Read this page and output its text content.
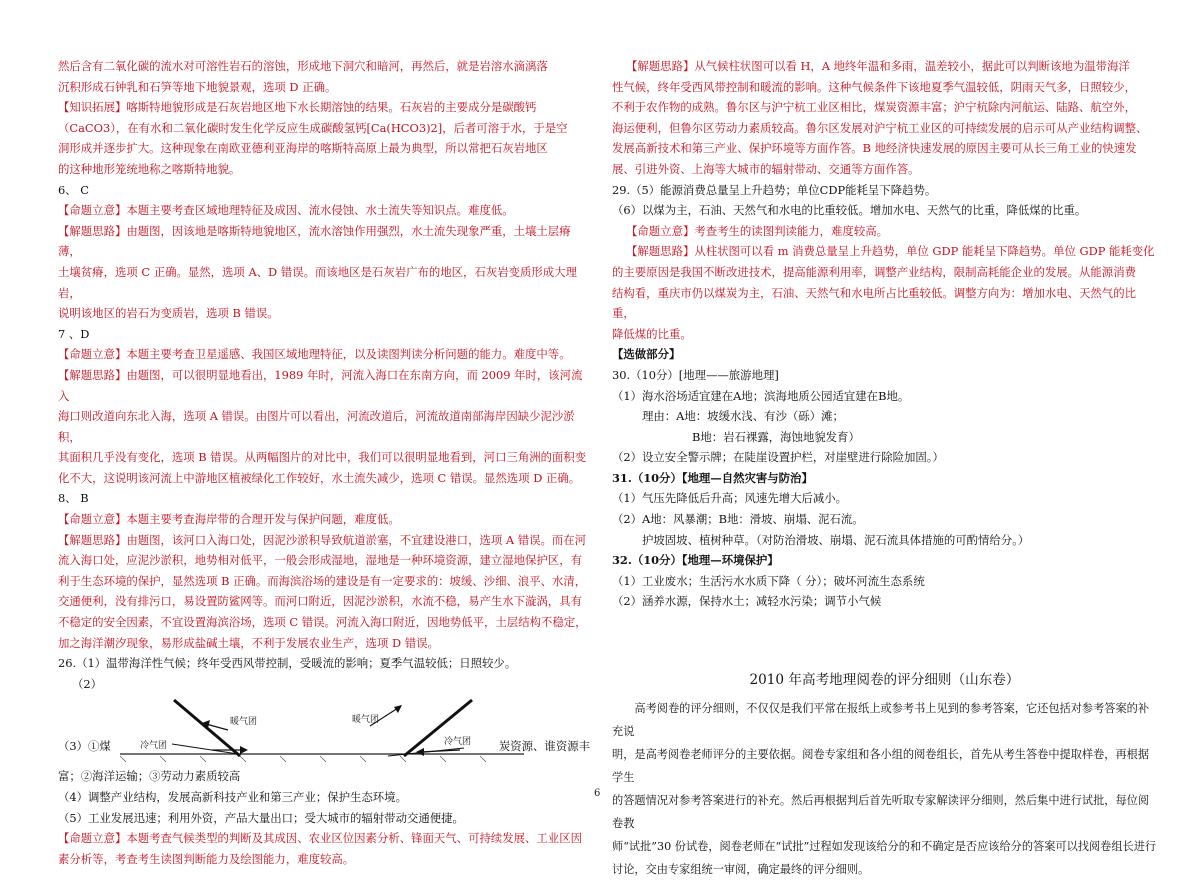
然后含有二氧化碳的流水对可溶性岩石的溶蚀，形成地下洞穴和暗河，再然后，就是岩溶水滴漓落

沉积形成石钟乳和石笋等地下地貌景观，选项 D 正确。

【知识拓展】喀斯特地貌形成是石灰岩地区地下水长期溶蚀的结果。石灰岩的主要成分是碳酸钙

（CaCO3），在有水和二氧化碳时发生化学反应生成碳酸氢钙[Ca(HCO3)2]，后者可溶于水，于是空

洞形成并逐步扩大。这种现象在南欧亚德利亚海岸的喀斯特高原上最为典型，所以常把石灰岩地区

的这种地形笼统地称之喀斯特地貌。

6、 C

【命题立意】本题主要考查区域地理特征及成因、流水侵蚀、水土流失等知识点。难度低。

【解题思路】由题图，因该地是喀斯特地貌地区，流水溶蚀作用强烈，水土流失现象严重，土壤土层瘠薄，

土壤贫瘠，选项 C 正确。显然，选项 A、D 错误。而该地区是石灰岩广布的地区，石灰岩变质形成大理岩，

说明该地区的岩石为变质岩，选项 B 错误。

7 、D

【命题立意】本题主要考查卫星遥感、我国区域地理特征，以及读图判读分析问题的能力。难度中等。

【解题思路】由题图，可以很明显地看出，1989 年时，河流入海口在东南方向，而 2009 年时，该河流入

海口则改道向东北入海，选项 A 错误。由图片可以看出，河流改道后，河流故道南部海岸因缺少泥沙淤积，

其面积几乎没有变化，选项 B 错误。从两幅图片的对比中，我们可以很明显地看到，河口三角洲的面积变

化不大，这说明该河流上中游地区植被绿化工作较好，水土流失减少，选项 C 错误。显然选项 D 正确。

8、 B

【命题立意】本题主要考查海岸带的合理开发与保护问题，难度低。

【解题思路】由题图，该河口入海口处，因泥沙淤积导致航道淤塞，不宜建设港口，选项 A 错误。而在河

流入海口处，应泥沙淤积，地势相对低平，一般会形成湿地，湿地是一种环境资源，建立湿地保护区，有

利于生态环境的保护，显然选项 B 正确。而海滨浴场的建设是有一定要求的：坡缓、沙细、浪平、水清，

交通便利，没有排污口，易设置防鲨网等。而河口附近，因泥沙淤积，水流不稳，易产生水下漩涡，具有

不稳定的安全因素，不宜设置海滨浴场，选项 C 错误。河流入海口附近，因地势低平，土层结构不稳定，

加之海洋潮汐现象，易形成盐碱土壤，不利于发展农业生产，选项 D 错误。

26.（1）温带海洋性气候；终年受西风带控制，受暖流的影响；夏季气温较低；日照较少。

（2）

冷气团
暖气团	暖气团
冷气团
（3）①煤	炭资源、谁资源丰

富；②海洋运输；③劳动力素质较高

（4）调整产业结构，发展高新科技产业和第三产业；保护生态环境。

（5）工业发展迅速；利用外资，产品大量出口；受大城市的辐射带动交通便捷。

【命题立意】本题考查气候类型的判断及其成因、农业区位因素分析、锋面天气、可持续发展、工业区因

素分析等，考查考生读图判断能力及绘图能力，难度较高。

【解题思路】从气候柱状图可以看 H，A 地终年温和多雨，温差较小，据此可以判断该地为温带海洋

性气候，终年受西风带控制和暖流的影响。这种气候条件下该地夏季气温较低，阴雨天气多，日照较少，

不利于农作物的成熟。鲁尔区与沪宁杭工业区相比，煤炭资源丰富；沪宁杭除内河航运、陆路、航空外，

海运便利，但鲁尔区劳动力素质较高。鲁尔区发展对沪宁杭工业区的可持续发展的启示可从产业结构调整、

发展高新技术和第三产业、保护环境等方面作答。B 地经济快速发展的原因主要可从长三角工业的快速发

展、引进外资、上海等大城市的辐射带动、交通等方面作答。

29.（5）能源消费总量呈上升趋势；单位CDP能耗呈下降趋势。

（6）以煤为主，石油、天然气和水电的比重较低。增加水电、天然气的比重，降低煤的比重。

【命题立意】考查考生的读图判读能力，难度较高。

【解题思路】从柱状图可以看 m 消费总量呈上升趋势，单位 GDP 能耗呈下降趋势。单位 GDP 能耗变化

的主要原因是我国不断改进技术，提高能源利用率，调整产业结构，限制高耗能企业的发展。从能源消费

结构看，重庆市仍以煤炭为主，石油、天然气和水电所占比重较低。调整方向为：增加水电、天然气的比重，

降低煤的比重。

【选做部分】

30.（10分）[地理——旅游地理]

（1）海水浴场适宜建在A地；滨海地质公园适宜建在B地。

理由：A地：坡缓水浅、有沙（砾）滩；

B地：岩石裸露，海蚀地貌发育）

（2）设立安全警示牌；在陡崖设置护栏，对崖壁进行除险加固。）

31.（10分）【地理—自然灾害与防治】

（1）气压先降低后升高；风速先增大后减小。

（2）A地：风暴潮；B地：滑坡、崩塌、泥石流。

护坡固坡、植树种草。（对防治滑坡、崩塌、泥石流具体措施的可酌情给分。）

32.（10分）【地理—环境保护】

（1）工业废水；生活污水水质下降（ 分）；破坏河流生态系统

（2）涵养水源，保持水土；减轻水污染；调节小气候

2010 年高考地理阅卷的评分细则（山东卷）

高考阅卷的评分细则，不仅仅是我们平常在报纸上或参考书上见到的参考答案，它还包括对参考答案的补充说
明，是高考阅卷老师评分的主要依据。阅卷专家组和各小组的阅卷组长，首先从考生答卷中提取样卷，再根据学生
的答题情况对参考答案进行的补充。然后再根据判后首先听取专家解读评分细则，然后集中进行试批，每位阅卷教
师“试批”30 份试卷，阅卷老师在“试批”过程如发现该给分的和不确定是否应该给分的答案可以找阅卷组长进行
讨论，交由专家组统一审阅，确定最终的评分细则。

6
